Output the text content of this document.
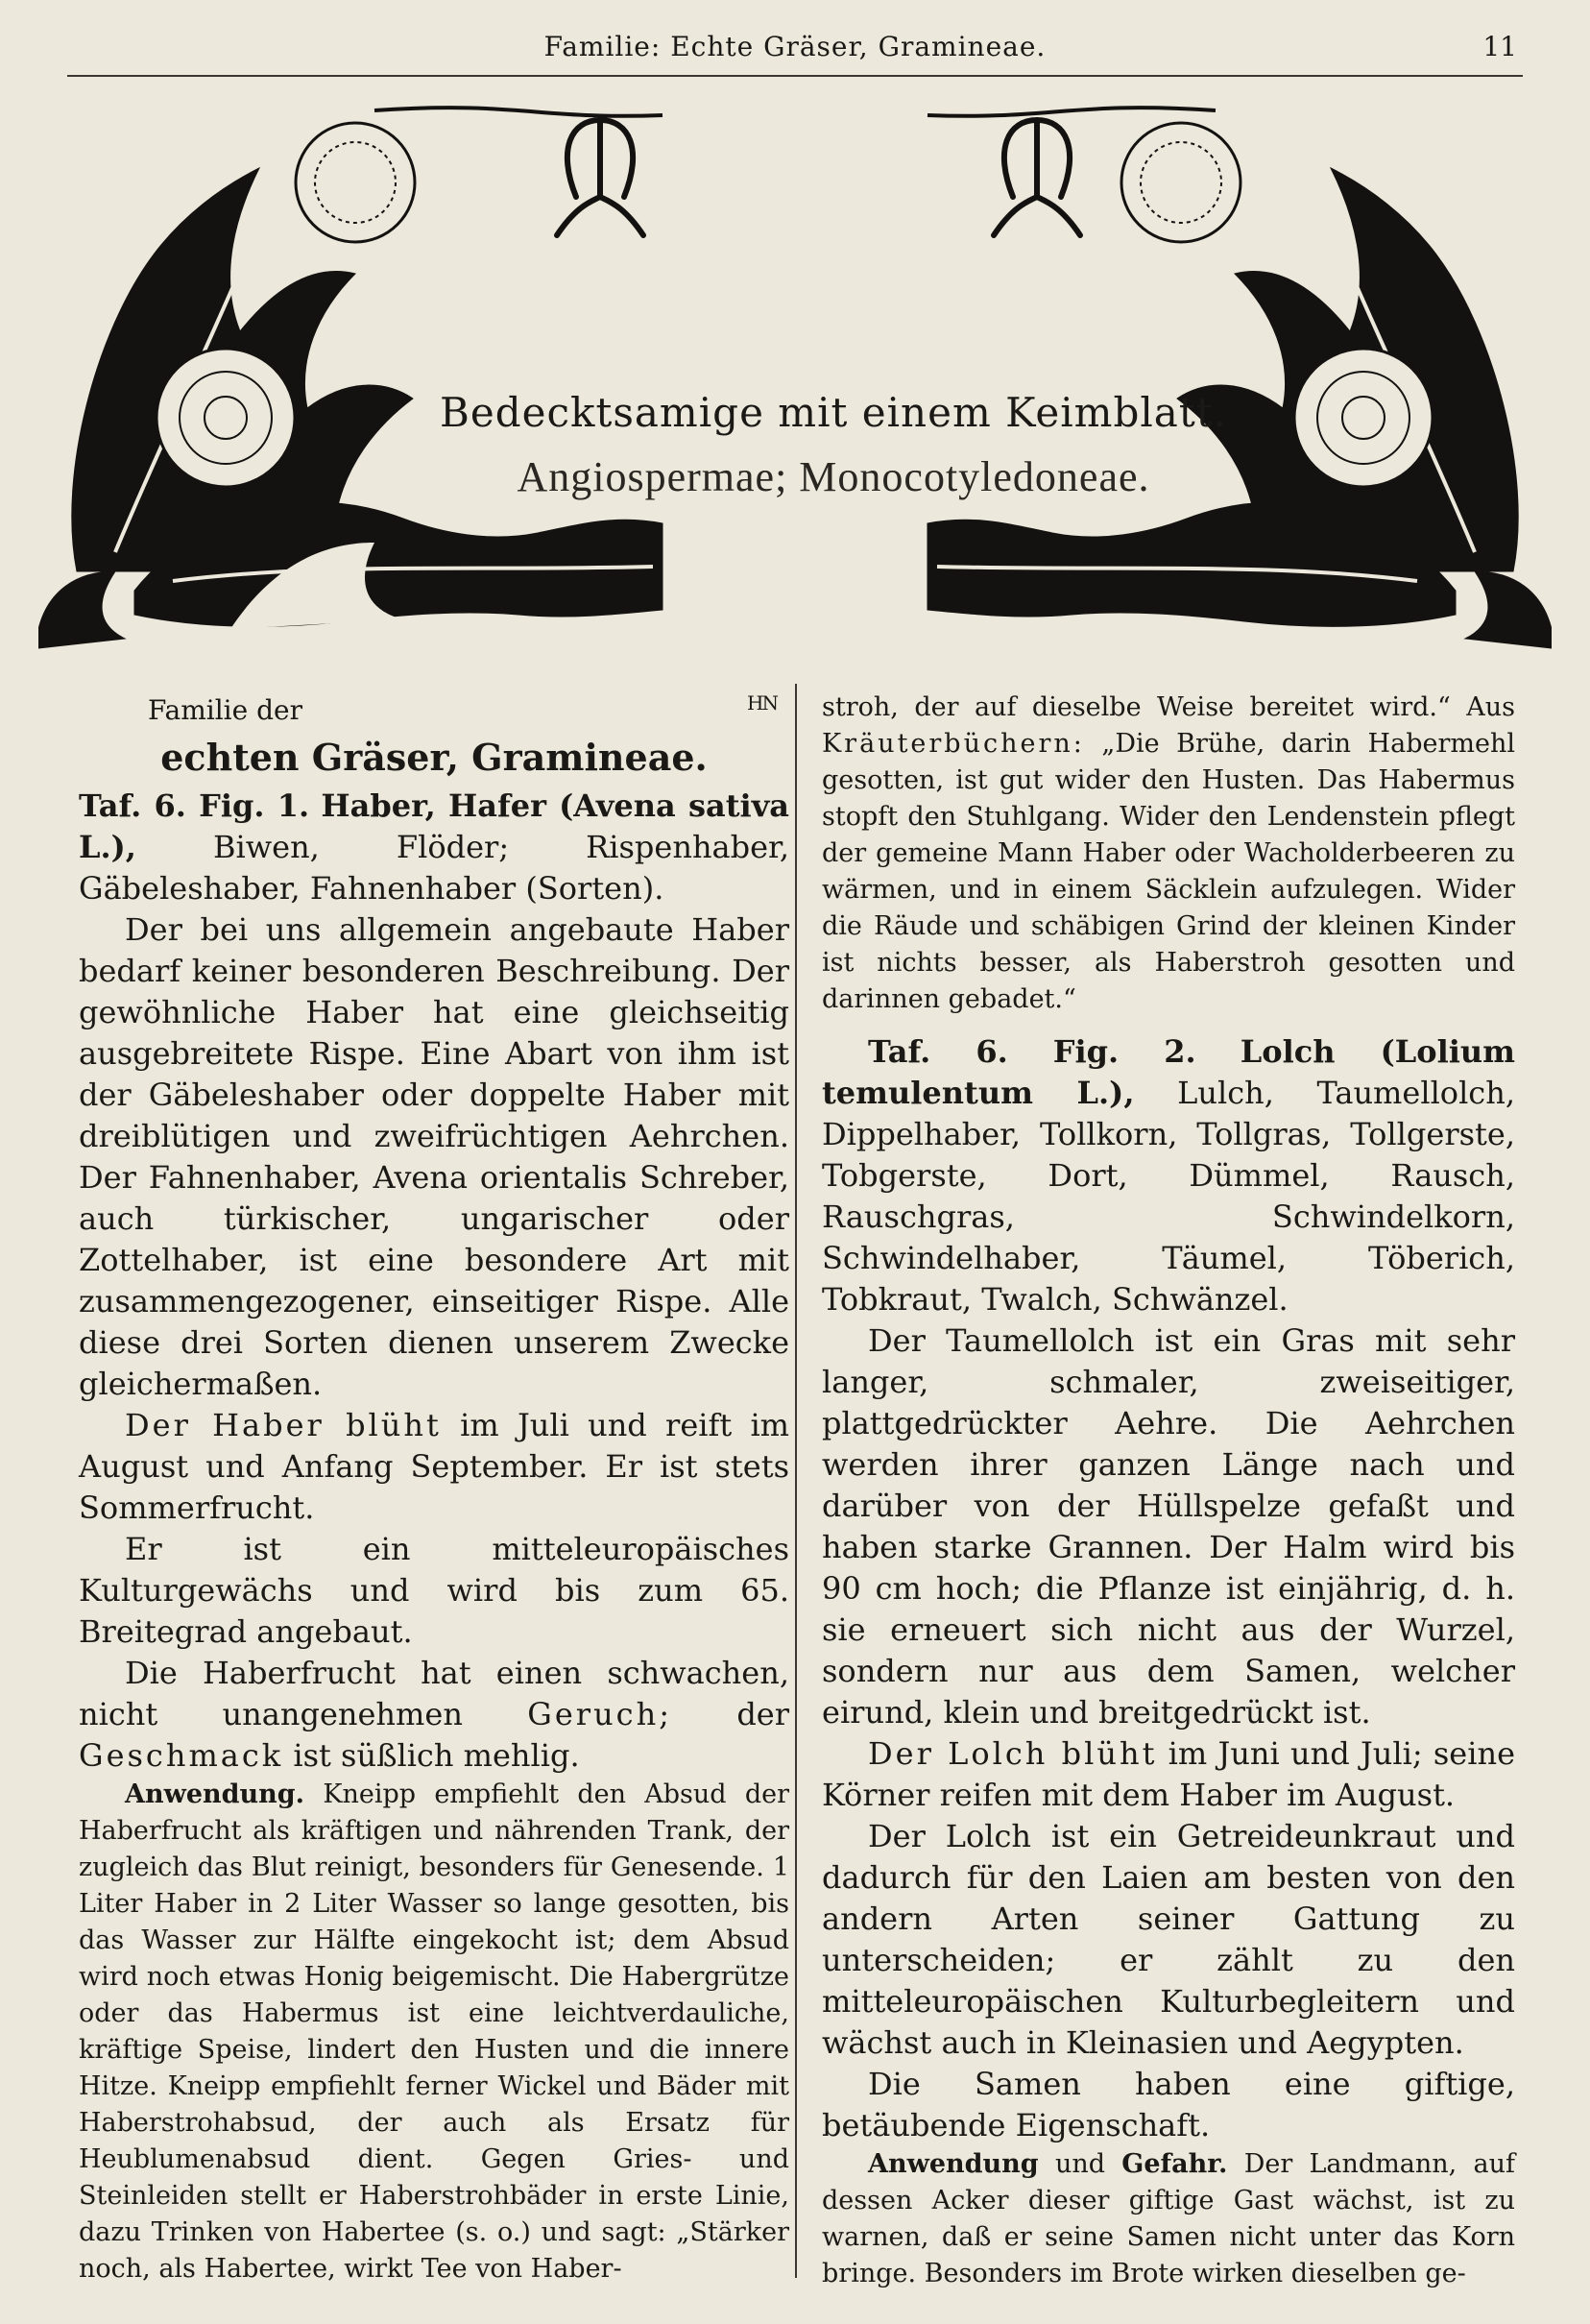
Familie: Echte Gräser, Gramineae.	11
Bedecktsamige mit einem Keimblatt.
Angiospermae; Monocotyledoneae.
HN
Familie der
echten Gräser, Gramineae.

Taf. 6. Fig. 1. Haber, Hafer (Avena sativa L.),	Biwen, Flöder; Rispenhaber, Gäbeleshaber, Fahnenhaber (Sorten).

Der bei uns allgemein angebaute Haber bedarf keiner besonderen Beschreibung. Der gewöhnliche Haber hat eine gleichseitig ausgebreitete Rispe. Eine Abart von ihm ist der Gäbeleshaber oder doppelte Haber mit dreiblütigen und zweifrüchtigen Aehrchen. Der Fahnenhaber, Avena orientalis Schreber, auch türkischer, ungarischer oder Zottelhaber, ist eine besondere Art mit zusammengezogener, einseitiger Rispe. Alle diese drei Sorten dienen unserem Zwecke gleichermaßen.

Der Haber blüht im Juli und reift im August und Anfang September. Er ist stets Sommerfrucht.

Er ist ein mitteleuropäisches Kulturgewächs und wird bis zum 65. Breitegrad angebaut.

Die Haberfrucht hat einen schwachen, nicht unangenehmen Geruch; der Geschmack ist süßlich mehlig.

Anwendung. Kneipp empfiehlt den Absud der Haberfrucht als kräftigen und nährenden Trank, der zugleich das Blut reinigt, besonders für Genesende. 1 Liter Haber in 2 Liter Wasser so lange gesotten, bis das Wasser zur Hälfte eingekocht ist; dem Absud wird noch etwas Honig beigemischt. Die Habergrütze oder das Habermus ist eine leichtverdauliche, kräftige Speise, lindert den Husten und die innere Hitze. Kneipp empfiehlt ferner Wickel und Bäder mit Haberstrohabsud, der auch als Ersatz für Heublumenabsud dient. Gegen Gries- und Steinleiden stellt er Haberstrohbäder in erste Linie, dazu Trinken von Habertee (s. o.) und sagt: „Stärker noch, als Habertee, wirkt Tee von Haber-

stroh, der auf dieselbe Weise bereitet wird.“ Aus Kräuterbüchern: „Die Brühe, darin Habermehl gesotten, ist gut wider den Husten. Das Habermus stopft den Stuhlgang. Wider den Lendenstein pflegt der gemeine Mann Haber oder Wacholderbeeren zu wärmen, und in einem Säcklein aufzulegen. Wider die Räude und schäbigen Grind der kleinen Kinder ist nichts besser, als Haberstroh gesotten und darinnen gebadet.“

Taf. 6. Fig. 2. Lolch (Lolium temulentum L.), Lulch, Taumellolch, Dippelhaber, Tollkorn, Tollgras, Tollgerste, Tobgerste, Dort, Dümmel, Rausch, Rauschgras, Schwindelkorn, Schwindelhaber, Täumel, Töberich, Tobkraut, Twalch, Schwänzel.

Der Taumellolch ist ein Gras mit sehr langer, schmaler, zweiseitiger, plattgedrückter Aehre. Die Aehrchen werden ihrer ganzen Länge nach und darüber von der Hüllspelze gefaßt und haben starke Grannen. Der Halm wird bis 90 cm hoch; die Pflanze ist einjährig, d. h. sie erneuert sich nicht aus der Wurzel, sondern nur aus dem Samen, welcher eirund, klein und breitgedrückt ist.

Der Lolch blüht im Juni und Juli; seine Körner reifen mit dem Haber im August.

Der Lolch ist ein Getreideunkraut und dadurch für den Laien am besten von den andern Arten seiner Gattung zu unterscheiden; er zählt zu den mitteleuropäischen Kulturbegleitern und wächst auch in Kleinasien und Aegypten.

Die Samen haben eine giftige, betäubende Eigenschaft.

Anwendung und Gefahr. Der Landmann, auf dessen Acker dieser giftige Gast wächst, ist zu warnen, daß er seine Samen nicht unter das Korn bringe. Besonders im Brote wirken dieselben ge-
